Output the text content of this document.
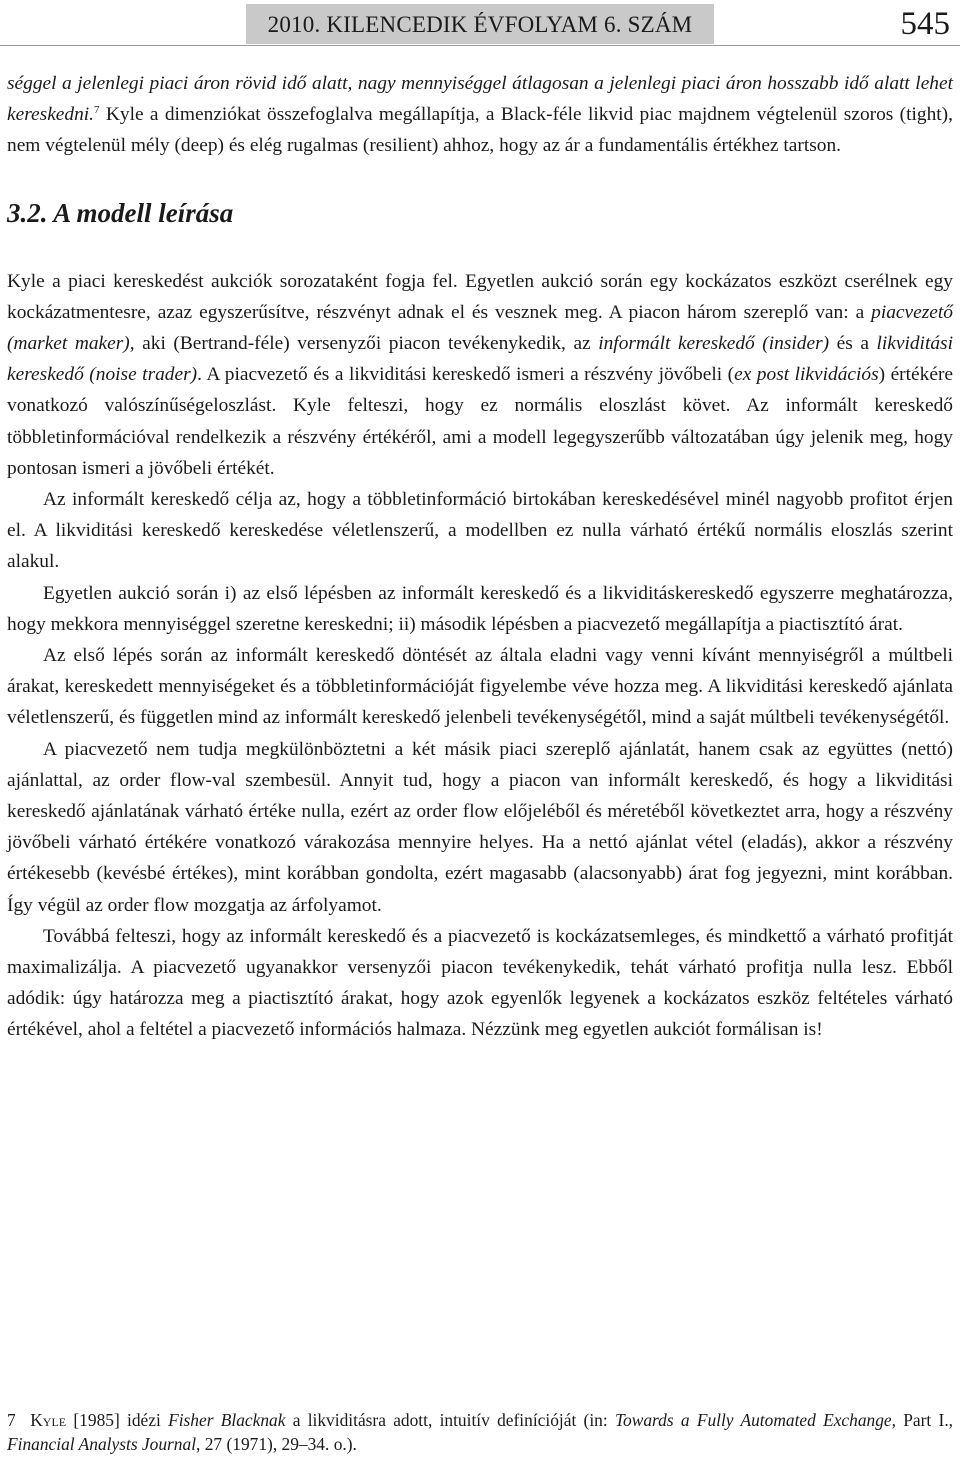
2010. KILENCEDIK ÉVFOLYAM 6. SZÁM	545

séggel a jelenlegi piaci áron rövid idő alatt, nagy mennyiséggel átlagosan a jelenlegi piaci áron hosszabb idő alatt lehet kereskedni.$^7$ Kyle a dimenziókat összefoglalva megállapítja, a Black-féle likvid piac majdnem végtelenül szoros (tight), nem végtelenül mély (deep) és elég rugalmas (resilient) ahhoz, hogy az ár a fundamentális értékhez tartson.

3.2. A modell leírása

Kyle a piaci kereskedést aukciók sorozataként fogja fel. Egyetlen aukció során egy kockázatos eszközt cserélnek egy kockázatmentesre, azaz egyszerűsítve, részvényt adnak el és vesznek meg. A piacon három szereplő van: a piacvezető (market maker), aki (Bertrand-féle) versenyzői piacon tevékenykedik, az informált kereskedő (insider) és a likviditási kereskedő (noise trader). A piacvezető és a likviditási kereskedő ismeri a részvény jövőbeli (ex post likvidációs) értékére vonatkozó valószínűségeloszlást. Kyle felteszi, hogy ez normális eloszlást követ. Az informált kereskedő többletinformációval rendelkezik a részvény értékéről, ami a modell legegyszerűbb változatában úgy jelenik meg, hogy pontosan ismeri a jövőbeli értékét.

Az informált kereskedő célja az, hogy a többletinformáció birtokában kereskedésével minél nagyobb profitot érjen el. A likviditási kereskedő kereskedése véletlenszerű, a modellben ez nulla várható értékű normális eloszlás szerint alakul.

Egyetlen aukció során i) az első lépésben az informált kereskedő és a likviditáskereskedő egyszerre meghatározza, hogy mekkora mennyiséggel szeretne kereskedni; ii) második lépésben a piacvezető megállapítja a piactisztító árat.

Az első lépés során az informált kereskedő döntését az általa eladni vagy venni kívánt mennyiségről a múltbeli árakat, kereskedett mennyiségeket és a többletinformációját figyelembe véve hozza meg. A likviditási kereskedő ajánlata véletlenszerű, és független mind az informált kereskedő jelenbeli tevékenységétől, mind a saját múltbeli tevékenységétől.

A piacvezető nem tudja megkülönböztetni a két másik piaci szereplő ajánlatát, hanem csak az együttes (nettó) ajánlattal, az order flow-val szembesül. Annyit tud, hogy a piacon van informált kereskedő, és hogy a likviditási kereskedő ajánlatának várható értéke nulla, ezért az order flow előjeléből és méretéből következtet arra, hogy a részvény jövőbeli várható értékére vonatkozó várakozása mennyire helyes. Ha a nettó ajánlat vétel (eladás), akkor a részvény értékesebb (kevésbé értékes), mint korábban gondolta, ezért magasabb (alacsonyabb) árat fog jegyezni, mint korábban. Így végül az order flow mozgatja az árfolyamot.

Továbbá felteszi, hogy az informált kereskedő és a piacvezető is kockázatsemleges, és mindkettő a várható profitját maximalizálja. A piacvezető ugyanakkor versenyzői piacon tevékenykedik, tehát várható profitja nulla lesz. Ebből adódik: úgy határozza meg a piactisztító árakat, hogy azok egyenlők legyenek a kockázatos eszköz feltételes várható értékével, ahol a feltétel a piacvezető információs halmaza. Nézzünk meg egyetlen aukciót formálisan is!

7 Kyle [1985] idézi Fisher Blacknak a likviditásra adott, intuitív definícióját (in: Towards a Fully Automated Exchange, Part I., Financial Analysts Journal, 27 (1971), 29–34. o.).
